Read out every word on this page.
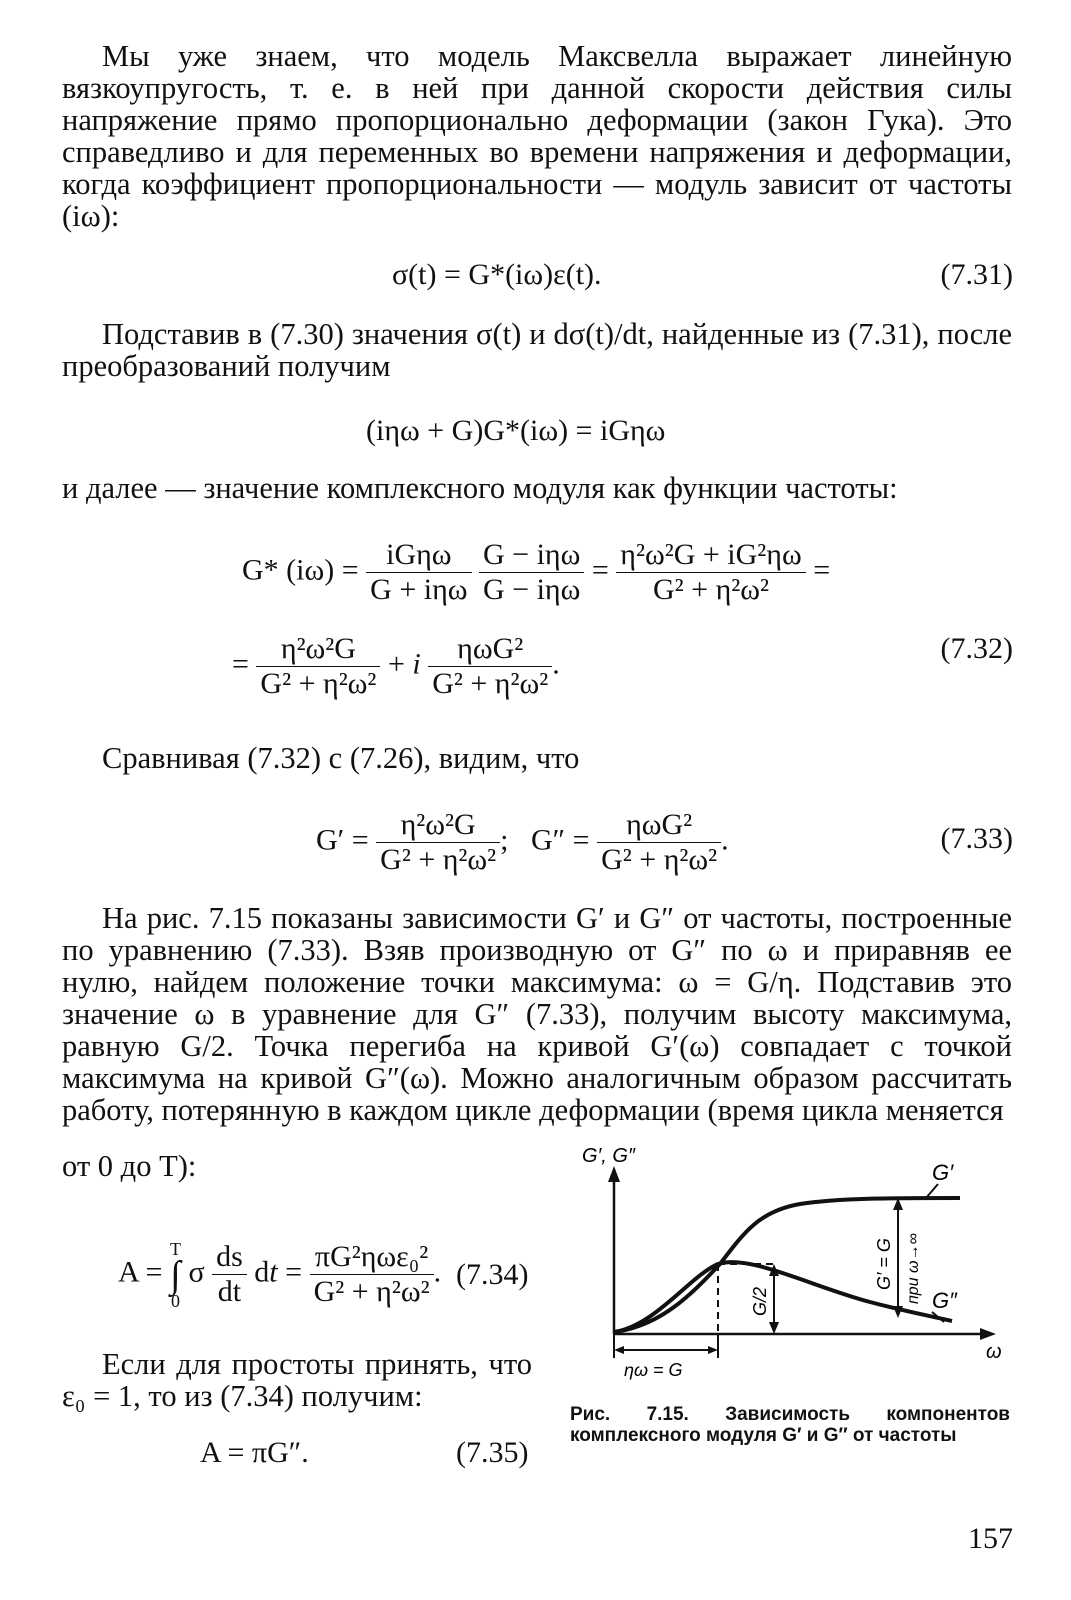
Мы уже знаем, что модель Максвелла выражает линейную вязкоупругость, т. е. в ней при данной скорости действия силы напряжение прямо пропорционально деформации (закон Гука). Это справедливо и для переменных во времени напряжения и деформации, когда коэффициент пропорциональности — модуль зависит от частоты (iω):

σ(t) = G*(iω)ε(t).	(7.31)

Подставив в (7.30) значения σ(t) и dσ(t)/dt, найденные из (7.31), после преобразований получим

(iηω + G)G*(iω) = iGηω

и далее — значение комплексного модуля как функции частоты:

G* $(i\omega) = \frac{\text{iGηω}}{\text{G + iηω}}$
$\frac{\text{G − iηω}}{\text{G − iηω}} = \frac{\text{η²ω²G + iG²ηω}}{\text{G² + η²ω²}}$ =
= $\frac{\text{η²ω²G}}{\text{G² + η²ω²}} + i \frac{\text{ηωG²}}{\text{G² + η²ω²}}$ .	(7.32)

Сравнивая (7.32) с (7.26), видим, что

$G' = \frac{\text{η²ω²G}}{\text{G² + η²ω²}}$ ;   $G'' = \frac{\text{ηωG²}}{\text{G² + η²ω²}}$ .	(7.33)

На рис. 7.15 показаны зависимости G′ и G″ от частоты, построенные по уравнению (7.33). Взяв производную от G″ по ω и приравняв ее нулю, найдем положение точки максимума: ω = G/η. Подставив это значение ω в уравнение для G″ (7.33), получим высоту максимума, равную G/2. Точка перегиба на кривой G′(ω) совпадает с точкой максимума на кривой G″(ω). Можно аналогичным образом рассчитать работу, потерянную в каждом цикле деформации (время цикла меняется

от 0 до T):

A =
T
∫
0
σ $\frac{ds}{dt}$ dt = $\frac{\text{πG²ηωε₀²}}{\text{G² + η²ω²}}$ . (7.34)

Если для простоты принять, что ε₀ = 1, то из (7.34) получим:

A = πG″.	(7.35)
G′, G″
ω
G′
G″
G/2
G′ = G при ω→∞
ηω = G
Рис. 7.15. Зависимость компонентов комплексного модуля G′ и G″ от частоты
157
